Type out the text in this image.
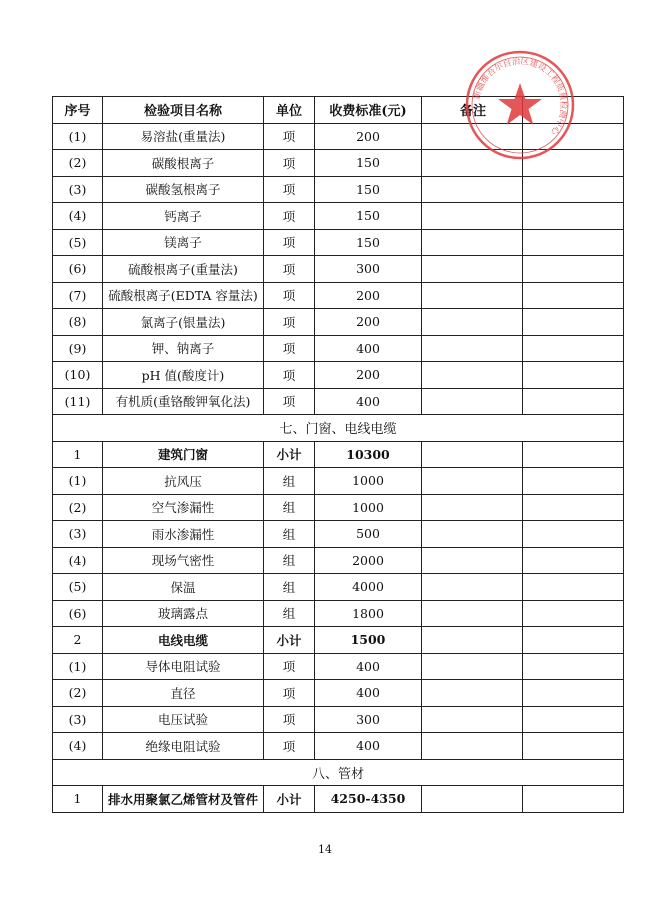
序号	检验项目名称	单位	收费标准(元)	备注	
(1)	易溶盐(重量法)	项	200		
(2)	碳酸根离子	项	150		
(3)	碳酸氢根离子	项	150		
(4)	钙离子	项	150		
(5)	镁离子	项	150		
(6)	硫酸根离子(重量法)	项	300		
(7)	硫酸根离子(EDTA 容量法)	项	200		
(8)	氯离子(银量法)	项	200		
(9)	钾、钠离子	项	400		
(10)	pH 值(酸度计)	项	200		
(11)	有机质(重铬酸钾氧化法)	项	400		
七、门窗、电线电缆					
1	建筑门窗	小计	10300		
(1)	抗风压	组	1000		
(2)	空气渗漏性	组	1000		
(3)	雨水渗漏性	组	500		
(4)	现场气密性	组	2000		
(5)	保温	组	4000		
(6)	玻璃露点	组	1800		
2	电线电缆	小计	1500		
(1)	导体电阻试验	项	400		
(2)	直径	项	400		
(3)	电压试验	项	300		
(4)	绝缘电阻试验	项	400		
八、管材					
1	排水用聚氯乙烯管材及管件	小计	4250-4350		
新疆维吾尔自治区建设工程质量检测中心
14
